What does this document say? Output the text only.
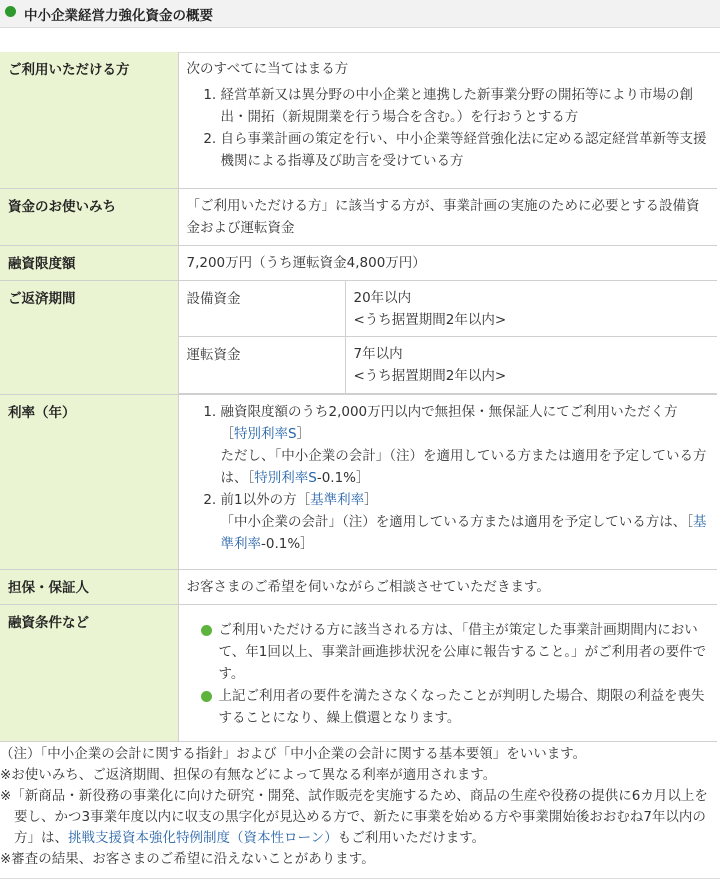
中小企業経営力強化資金の概要
ご利用いただける方	次のすべてに当てはまる方
1. 経営革新又は異分野の中小企業と連携した新事業分野の開拓等により市場の創出・開拓（新規開業を行う場合を含む。）を行おうとする方
2. 自ら事業計画の策定を行い、中小企業等経営強化法に定める認定経営革新等支援機関による指導及び助言を受けている方

資金のお使いみち	「ご利用いただける方」に該当する方が、事業計画の実施のために必要とする設備資金および運転資金
融資限度額	7,200万円（うち運転資金4,800万円）
ご返済期間		設備資金	20年以内
<うち据置期間2年以内>

運転資金	7年以内
<うち据置期間2年以内>

利率（年）	
1.融資限度額のうち2,000万円以内で無担保・無保証人にてご利用いただく方
［特別利率S］
ただし、「中小企業の会計」（注）を適用している方または適用を予定している方は、［特別利率S-0.1%］
2. 前1以外の方［基準利率］
「中小企業の会計」（注）を適用している方または適用を予定している方は、［基準利率-0.1%］

担保・保証人	お客さまのご希望を伺いながらご相談させていただきます。
融資条件など	ご利用いただける方に該当される方は、「借主が策定した事業計画期間内において、年1回以上、事業計画進捗状況を公庫に報告すること。」がご利用者の要件です。
上記ご利用者の要件を満たさなくなったことが判明した場合、期限の利益を喪失することになり、繰上償還となります。
（注）「中小企業の会計に関する指針」および「中小企業の会計に関する基本要領」をいいます。
※お使いみち、ご返済期間、担保の有無などによって異なる利率が適用されます。
※「新商品・新役務の事業化に向けた研究・開発、試作販売を実施するため、商品の生産や役務の提供に6カ月以上を要し、かつ3事業年度以内に収支の黒字化が見込める方で、新たに事業を始める方や事業開始後おおむね7年以内の方」は、挑戦支援資本強化特例制度（資本性ローン）もご利用いただけます。
※審査の結果、お客さまのご希望に沿えないことがあります。
